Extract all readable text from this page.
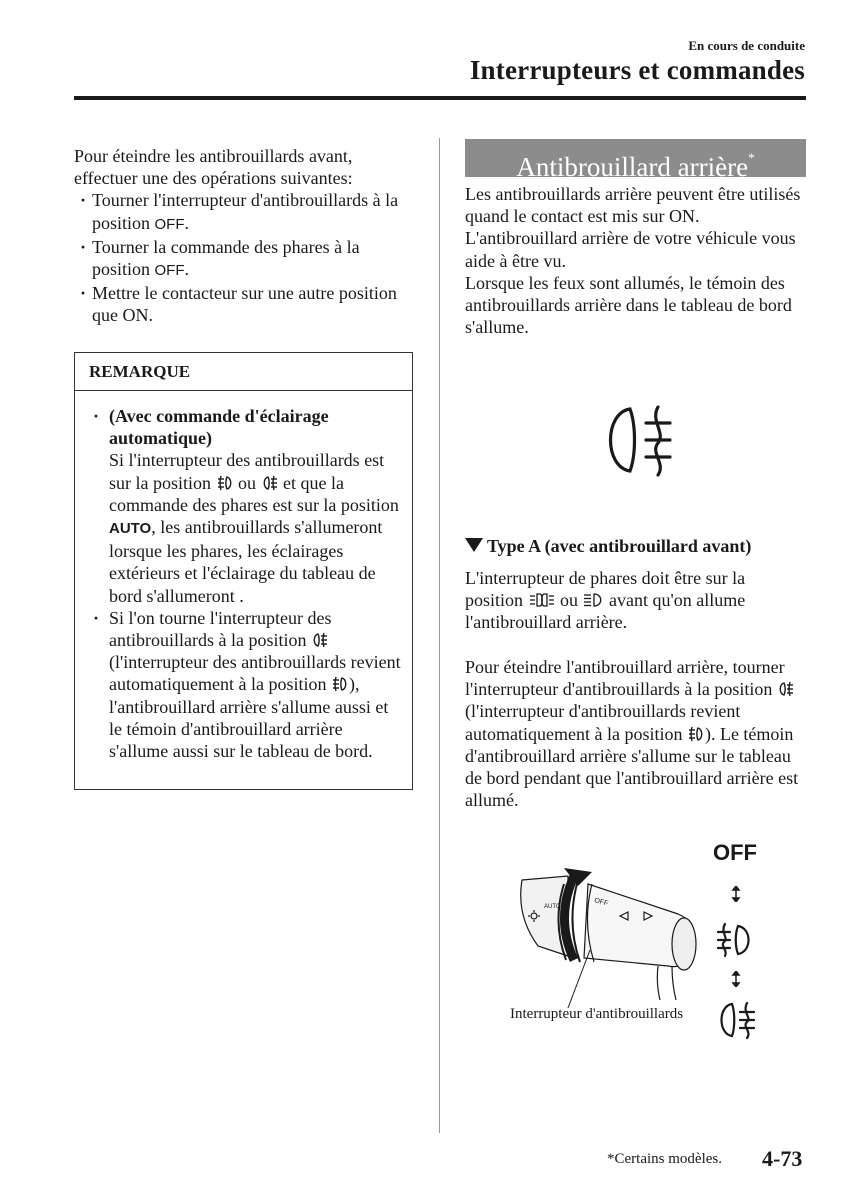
En cours de conduite
Interrupteurs et commandes

Pour éteindre les antibrouillards avant, effectuer une des opérations suivantes:

· Tourner l'interrupteur d'antibrouillards à la position OFF.
· Tourner la commande des phares à la position OFF.
· Mettre le contacteur sur une autre position que ON.
REMARQUE
· (Avec commande d'éclairage automatique)
Si l'interrupteur des antibrouillards est sur la position ou et que la commande des phares est sur la position AUTO, les antibrouillards s'allumeront lorsque les phares, les éclairages extérieurs et l'éclairage du tableau de bord s'allumeront .
· Si l'on tourne l'interrupteur des antibrouillards à la position  (l'interrupteur des antibrouillards revient automatiquement à la position ), l'antibrouillard arrière s'allume aussi et le témoin d'antibrouillard arrière s'allume aussi sur le tableau de bord.
Antibrouillard arrière*

Les antibrouillards arrière peuvent être utilisés quand le contact est mis sur ON. L'antibrouillard arrière de votre véhicule vous aide à être vu.

Lorsque les feux sont allumés, le témoin des antibrouillards arrière dans le tableau de bord s'allume.

Type A (avec antibrouillard avant)
L'interrupteur de phares doit être sur la position ou avant qu'on allume l'antibrouillard arrière.
Pour éteindre l'antibrouillard arrière, tourner l'interrupteur d'antibrouillards à la position  (l'interrupteur d'antibrouillards revient automatiquement à la position ). Le témoin d'antibrouillard arrière s'allume sur le tableau de bord pendant que l'antibrouillard arrière est allumé.
OFF
OFF
AUTO
Interrupteur d'antibrouillards
*Certains modèles. 4-73
